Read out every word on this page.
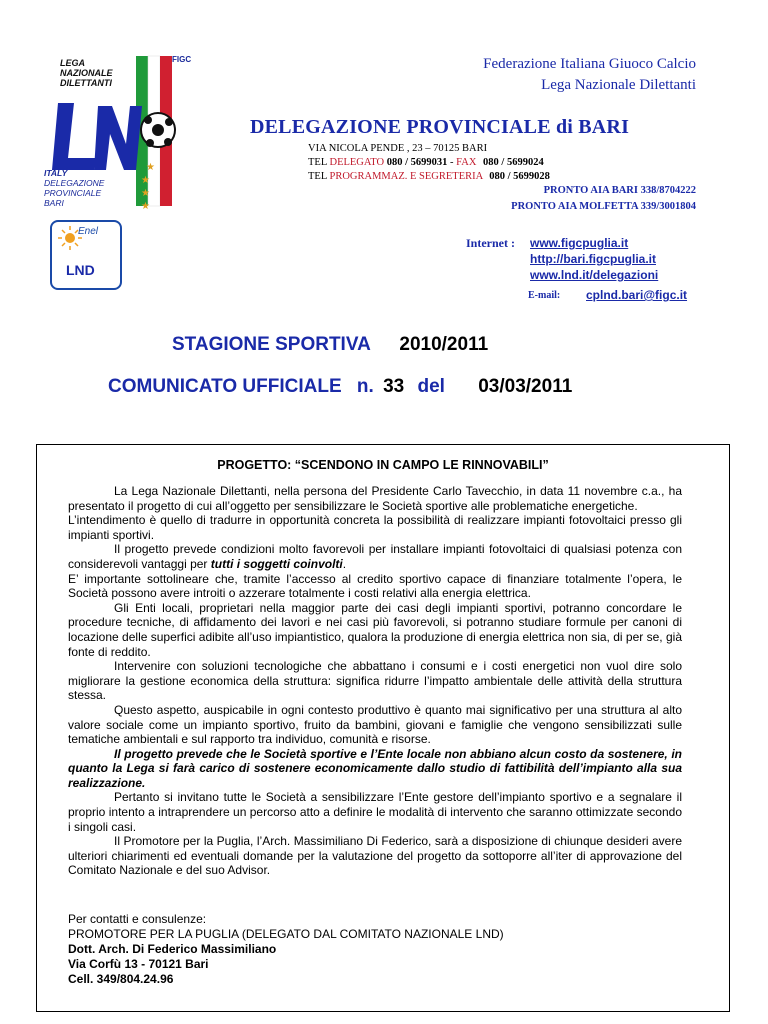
★
★
★
★
LEGA
NAZIONALE
DILETTANTI
FIGC
ITALY
DELEGAZIONE
PROVINCIALE
BARI
Enel
LND
Federazione Italiana Giuoco Calcio
Lega Nazionale Dilettanti
DELEGAZIONE PROVINCIALE di BARI
VIA NICOLA PENDE , 23 – 70125 BARI
TEL DELEGATO 080 / 5699031 - FAX 080 / 5699024
TEL PROGRAMMAZ. E SEGRETERIA 080 / 5699028
PRONTO AIA BARI 338/8704222
PRONTO AIA MOLFETTA 339/3001804
Internet : www.figcpuglia.it
http://bari.figcpuglia.it
www.lnd.it/delegazioni
E-mail: cplnd.bari@figc.it
STAGIONE SPORTIVA 2010/2011
COMUNICATO UFFICIALE n. 33 del 03/03/2011
PROGETTO: “SCENDONO IN CAMPO LE RINNOVABILI”

La Lega Nazionale Dilettanti, nella persona del Presidente Carlo Tavecchio, in data 11 novembre c.a., ha presentato il progetto di cui all’oggetto per sensibilizzare le Società sportive alle problematiche energetiche.

L’intendimento è quello di tradurre in opportunità concreta la possibilità di realizzare impianti fotovoltaici presso gli impianti sportivi.

Il progetto prevede condizioni molto favorevoli per installare impianti fotovoltaici di qualsiasi potenza con considerevoli vantaggi per tutti i soggetti coinvolti.

E’ importante sottolineare che, tramite l’accesso al credito sportivo capace di finanziare totalmente l’opera, le Società possono avere introiti o azzerare totalmente i costi relativi alla energia elettrica.

Gli Enti locali, proprietari nella maggior parte dei casi degli impianti sportivi, potranno concordare le procedure tecniche, di affidamento dei lavori e nei casi più favorevoli, si potranno studiare formule per canoni di locazione delle superfici adibite all’uso impiantistico, qualora la produzione di energia elettrica non sia, di per se, già fonte di reddito.

Intervenire con soluzioni tecnologiche che abbattano i consumi e i costi energetici non vuol dire solo migliorare la gestione economica della struttura: significa ridurre l’impatto ambientale delle attività della struttura stessa.

Questo aspetto, auspicabile in ogni contesto produttivo è quanto mai significativo per una struttura al alto valore sociale come un impianto sportivo, fruito da bambini, giovani e famiglie che vengono sensibilizzati sulle tematiche ambientali e sul rapporto tra individuo, comunità e risorse.

Il progetto prevede che le Società sportive e l’Ente locale non abbiano alcun costo da sostenere, in quanto la Lega si farà carico di sostenere economicamente dallo studio di fattibilità dell’impianto alla sua realizzazione.

Pertanto si invitano tutte le Società a sensibilizzare l’Ente gestore dell’impianto sportivo e a segnalare il proprio intento a intraprendere un percorso atto a definire le modalità di intervento che saranno ottimizzate secondo i singoli casi.

Il Promotore per la Puglia, l’Arch. Massimiliano Di Federico, sarà a disposizione di chiunque desideri avere ulteriori chiarimenti ed eventuali domande per la valutazione del progetto da sottoporre all’iter di approvazione del Comitato Nazionale e del suo Advisor.

Per contatti e consulenze:
PROMOTORE PER LA PUGLIA (DELEGATO DAL COMITATO NAZIONALE LND)
Dott. Arch. Di Federico Massimiliano
Via Corfù 13 - 70121 Bari
Cell. 349/804.24.96
